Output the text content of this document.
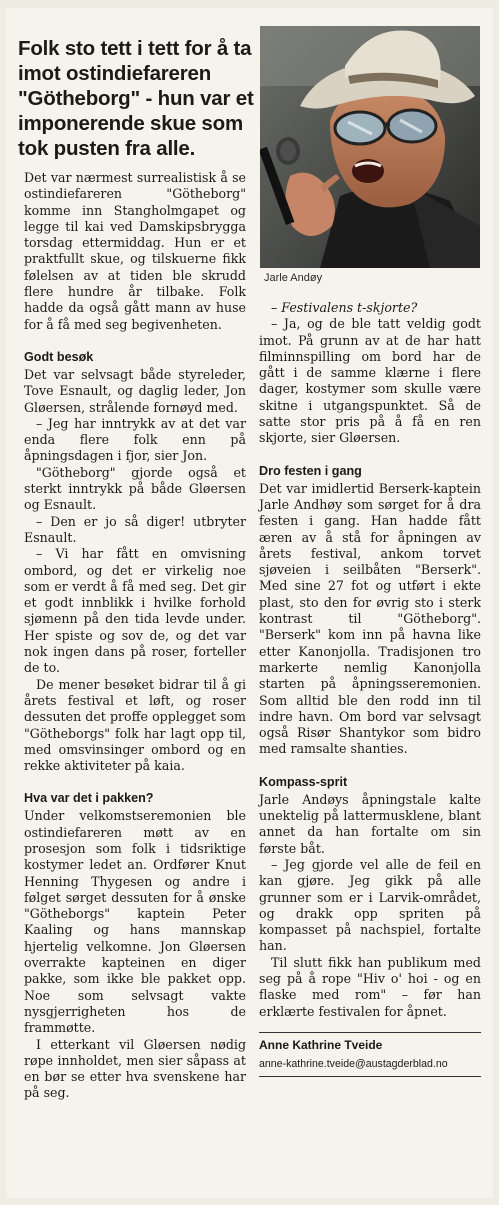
Folk sto tett i tett for å ta imot ostindiefareren "Götheborg" - hun var et imponerende skue som tok pusten fra alle.
Jarle Andøy

Det var nærmest surrealistisk å se ostindiefareren "Götheborg" komme inn Stangholmgapet og legge til kai ved Damskipsbrygga torsdag ettermiddag. Hun er et praktfullt skue, og tilskuerne fikk følelsen av at tiden ble skrudd flere hundre år tilbake. Folk hadde da også gått mann av huse for å få med seg begivenheten.

Godt besøk

Det var selvsagt både styreleder, Tove Esnault, og daglig leder, Jon Gløersen, strålende fornøyd med.

– Jeg har inntrykk av at det var enda flere folk enn på åpningsdagen i fjor, sier Jon.

"Götheborg" gjorde også et sterkt inntrykk på både Gløersen og Esnault.

– Den er jo så diger! utbryter Esnault.

– Vi har fått en omvisning ombord, og det er virkelig noe som er verdt å få med seg. Det gir et godt innblikk i hvilke forhold sjømenn på den tida levde under. Her spiste og sov de, og det var nok ingen dans på roser, forteller de to.

De mener besøket bidrar til å gi årets festival et løft, og roser dessuten det proffe opplegget som "Götheborgs" folk har lagt opp til, med omsvinsinger ombord og en rekke aktiviteter på kaia.

Hva var det i pakken?

Under velkomstseremonien ble ostindiefareren møtt av en prosesjon som folk i tidsriktige kostymer ledet an. Ordfører Knut Henning Thygesen og andre i følget sørget dessuten for å ønske "Götheborgs" kaptein Peter Kaaling og hans mannskap hjertelig velkomne. Jon Gløersen overrakte kapteinen en diger pakke, som ikke ble pakket opp. Noe som selvsagt vakte nysgjerrigheten hos de frammøtte.

I etterkant vil Gløersen nødig røpe innholdet, men sier såpass at en bør se etter hva svenskene har på seg.

– Festivalens t-skjorte?

– Ja, og de ble tatt veldig godt imot. På grunn av at de har hatt filminnspilling om bord har de gått i de samme klærne i flere dager, kostymer som skulle være skitne i utgangspunktet. Så de satte stor pris på å få en ren skjorte, sier Gløersen.

Dro festen i gang

Det var imidlertid Berserk-kaptein Jarle Andhøy som sørget for å dra festen i gang. Han hadde fått æren av å stå for åpningen av årets festival, ankom torvet sjøveien i seilbåten "Berserk". Med sine 27 fot og utført i ekte plast, sto den for øvrig sto i sterk kontrast til "Götheborg". "Berserk" kom inn på havna like etter Kanonjolla. Tradisjonen tro markerte nemlig Kanonjolla starten på åpningsseremonien. Som alltid ble den rodd inn til indre havn. Om bord var selvsagt også Risør Shantykor som bidro med ramsalte shanties.

Kompass-sprit

Jarle Andøys åpningstale kalte unektelig på lattermusklene, blant annet da han fortalte om sin første båt.

– Jeg gjorde vel alle de feil en kan gjøre. Jeg gikk på alle grunner som er i Larvik-området, og drakk opp spriten på kompasset på nachspiel, fortalte han.

Til slutt fikk han publikum med seg på å rope "Hiv o' hoi - og en flaske med rom" – før han erklærte festivalen for åpnet.

Anne Kathrine Tveide
anne-kathrine.tveide@austagderblad.no
